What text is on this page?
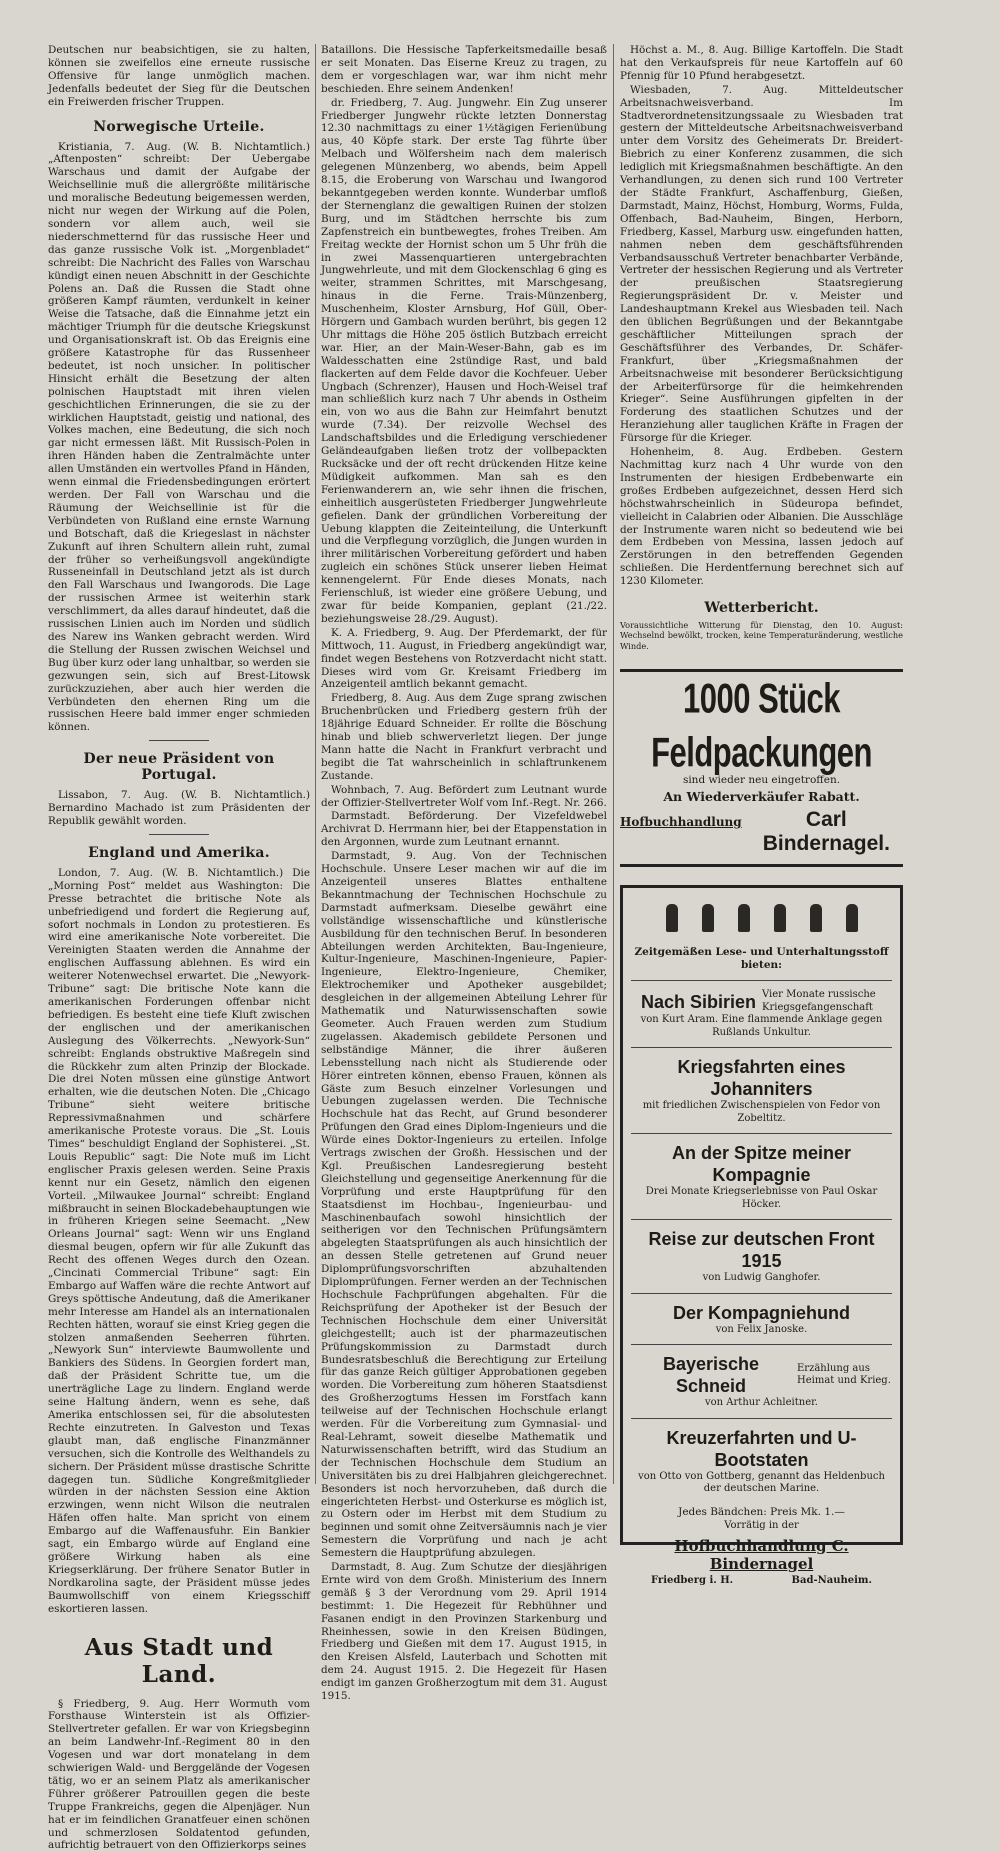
Deutschen nur beabsichtigen, sie zu halten, können sie zweifellos eine erneute russische Offensive für lange unmöglich machen. Jedenfalls bedeutet der Sieg für die Deutschen ein Freiwerden frischer Truppen.

Norwegische Urteile.

Kristiania, 7. Aug. (W. B. Nichtamtlich.) „Aftenposten“ schreibt: Der Uebergabe Warschaus und damit der Aufgabe der Weichsellinie muß die allergrößte militärische und moralische Bedeutung beigemessen werden, nicht nur wegen der Wirkung auf die Polen, sondern vor allem auch, weil sie niederschmetternd für das russische Heer und das ganze russische Volk ist. „Morgenbladet“ schreibt: Die Nachricht des Falles von Warschau kündigt einen neuen Abschnitt in der Geschichte Polens an. Daß die Russen die Stadt ohne größeren Kampf räumten, verdunkelt in keiner Weise die Tatsache, daß die Einnahme jetzt ein mächtiger Triumph für die deutsche Kriegskunst und Organisationskraft ist. Ob das Ereignis eine größere Katastrophe für das Russenheer bedeutet, ist noch unsicher. In politischer Hinsicht erhält die Besetzung der alten polnischen Hauptstadt mit ihren vielen geschichtlichen Erinnerungen, die sie zu der wirklichen Hauptstadt, geistig und national, des Volkes machen, eine Bedeutung, die sich noch gar nicht ermessen läßt. Mit Russisch-Polen in ihren Händen haben die Zentralmächte unter allen Umständen ein wertvolles Pfand in Händen, wenn einmal die Friedensbedingungen erörtert werden. Der Fall von Warschau und die Räumung der Weichsellinie ist für die Verbündeten von Rußland eine ernste Warnung und Botschaft, daß die Kriegeslast in nächster Zukunft auf ihren Schultern allein ruht, zumal der früher so verheißungsvoll angekündigte Russeneinfall in Deutschland jetzt als ist durch den Fall Warschaus und Iwangorods. Die Lage der russischen Armee ist weiterhin stark verschlimmert, da alles darauf hindeutet, daß die russischen Linien auch im Norden und südlich des Narew ins Wanken gebracht werden. Wird die Stellung der Russen zwischen Weichsel und Bug über kurz oder lang unhaltbar, so werden sie gezwungen sein, sich auf Brest-Litowsk zurückzuziehen, aber auch hier werden die Verbündeten den ehernen Ring um die russischen Heere bald immer enger schmieden können.

Der neue Präsident von Portugal.

Lissabon, 7. Aug. (W. B. Nichtamtlich.) Bernardino Machado ist zum Präsidenten der Republik gewählt worden.

England und Amerika.

London, 7. Aug. (W. B. Nichtamtlich.) Die „Morning Post“ meldet aus Washington: Die Presse betrachtet die britische Note als unbefriedigend und fordert die Regierung auf, sofort nochmals in London zu protestieren. Es wird eine amerikanische Note vorbereitet. Die Vereinigten Staaten werden die Annahme der englischen Auffassung ablehnen. Es wird ein weiterer Notenwechsel erwartet. Die „Newyork-Tribune“ sagt: Die britische Note kann die amerikanischen Forderungen offenbar nicht befriedigen. Es besteht eine tiefe Kluft zwischen der englischen und der amerikanischen Auslegung des Völkerrechts. „Newyork-Sun“ schreibt: Englands obstruktive Maßregeln sind die Rückkehr zum alten Prinzip der Blockade. Die drei Noten müssen eine günstige Antwort erhalten, wie die deutschen Noten. Die „Chicago Tribune“ sieht weitere britische Repressivmaßnahmen und schärfere amerikanische Proteste voraus. Die „St. Louis Times“ beschuldigt England der Sophisterei. „St. Louis Republic“ sagt: Die Note muß im Licht englischer Praxis gelesen werden. Seine Praxis kennt nur ein Gesetz, nämlich den eigenen Vorteil. „Milwaukee Journal“ schreibt: England mißbraucht in seinen Blockadebehauptungen wie in früheren Kriegen seine Seemacht. „New Orleans Journal“ sagt: Wenn wir uns England diesmal beugen, opfern wir für alle Zukunft das Recht des offenen Weges durch den Ozean. „Cincinati Commercial Tribune“ sagt: Ein Embargo auf Waffen wäre die rechte Antwort auf Greys spöttische Andeutung, daß die Amerikaner mehr Interesse am Handel als an internationalen Rechten hätten, worauf sie einst Krieg gegen die stolzen anmaßenden Seeherren führten. „Newyork Sun“ interviewte Baumwollente und Bankiers des Südens. In Georgien fordert man, daß der Präsident Schritte tue, um die unerträgliche Lage zu lindern. England werde seine Haltung ändern, wenn es sehe, daß Amerika entschlossen sei, für die absolutesten Rechte einzutreten. In Galveston und Texas glaubt man, daß englische Finanzmänner versuchen, sich die Kontrolle des Welthandels zu sichern. Der Präsident müsse drastische Schritte dagegen tun. Südliche Kongreßmitglieder würden in der nächsten Session eine Aktion erzwingen, wenn nicht Wilson die neutralen Häfen offen halte. Man spricht von einem Embargo auf die Waffenausfuhr. Ein Bankier sagt, ein Embargo würde auf England eine größere Wirkung haben als eine Kriegserklärung. Der frühere Senator Butler in Nordkarolina sagte, der Präsident müsse jedes Baumwollschiff von einem Kriegsschiff eskortieren lassen.

Aus Stadt und Land.

§ Friedberg, 9. Aug. Herr Wormuth vom Forsthause Winterstein ist als Offizier-Stellvertreter gefallen. Er war von Kriegsbeginn an beim Landwehr-Inf.-Regiment 80 in den Vogesen und war dort monatelang in dem schwierigen Wald- und Berggelände der Vogesen tätig, wo er an seinem Platz als amerikanischer Führer größerer Patrouillen gegen die beste Truppe Frankreichs, gegen die Alpenjäger. Nun hat er im feindlichen Granatfeuer einen schönen und schmerzlosen Soldatentod gefunden, aufrichtig betrauert von den Offizierkorps seines

Bataillons. Die Hessische Tapferkeitsmedaille besaß er seit Monaten. Das Eiserne Kreuz zu tragen, zu dem er vorgeschlagen war, war ihm nicht mehr beschieden. Ehre seinem Andenken!

dr. Friedberg, 7. Aug. Jungwehr. Ein Zug unserer Friedberger Jungwehr rückte letzten Donnerstag 12.30 nachmittags zu einer 1½tägigen Ferienübung aus, 40 Köpfe stark. Der erste Tag führte über Melbach und Wölfersheim nach dem malerisch gelegenen Münzenberg, wo abends, beim Appell 8.15, die Eroberung von Warschau und Iwangorod bekanntgegeben werden konnte. Wunderbar umfloß der Sternenglanz die gewaltigen Ruinen der stolzen Burg, und im Städtchen herrschte bis zum Zapfenstreich ein buntbewegtes, frohes Treiben. Am Freitag weckte der Hornist schon um 5 Uhr früh die in zwei Massenquartieren untergebrachten Jungwehrleute, und mit dem Glockenschlag 6 ging es weiter, strammen Schrittes, mit Marschgesang, hinaus in die Ferne. Trais-Münzenberg, Muschenheim, Kloster Arnsburg, Hof Güll, Ober-Hörgern und Gambach wurden berührt, bis gegen 12 Uhr mittags die Höhe 205 östlich Butzbach erreicht war. Hier, an der Main-Weser-Bahn, gab es im Waldesschatten eine 2stündige Rast, und bald flackerten auf dem Felde davor die Kochfeuer. Ueber Ungbach (Schrenzer), Hausen und Hoch-Weisel traf man schließlich kurz nach 7 Uhr abends in Ostheim ein, von wo aus die Bahn zur Heimfahrt benutzt wurde (7.34). Der reizvolle Wechsel des Landschaftsbildes und die Erledigung verschiedener Geländeaufgaben ließen trotz der vollbepackten Rucksäcke und der oft recht drückenden Hitze keine Müdigkeit aufkommen. Man sah es den Ferienwanderern an, wie sehr ihnen die frischen, einheitlich ausgerüsteten Friedberger Jungwehrleute gefielen. Dank der gründlichen Vorbereitung der Uebung klappten die Zeiteinteilung, die Unterkunft und die Verpflegung vorzüglich, die Jungen wurden in ihrer militärischen Vorbereitung gefördert und haben zugleich ein schönes Stück unserer lieben Heimat kennengelernt. Für Ende dieses Monats, nach Ferienschluß, ist wieder eine größere Uebung, und zwar für beide Kompanien, geplant (21./22. beziehungsweise 28./29. August).

K. A. Friedberg, 9. Aug. Der Pferdemarkt, der für Mittwoch, 11. August, in Friedberg angekündigt war, findet wegen Bestehens von Rotzverdacht nicht statt. Dieses wird vom Gr. Kreisamt Friedberg im Anzeigenteil amtlich bekannt gemacht.

Friedberg, 8. Aug. Aus dem Zuge sprang zwischen Bruchenbrücken und Friedberg gestern früh der 18jährige Eduard Schneider. Er rollte die Böschung hinab und blieb schwerverletzt liegen. Der junge Mann hatte die Nacht in Frankfurt verbracht und begibt die Tat wahrscheinlich in schlaftrunkenem Zustande.

Wohnbach, 7. Aug. Befördert zum Leutnant wurde der Offizier-Stellvertreter Wolf vom Inf.-Regt. Nr. 266.

Darmstadt. Beförderung. Der Vizefeldwebel Archivrat D. Herrmann hier, bei der Etappenstation in den Argonnen, wurde zum Leutnant ernannt.

Darmstadt, 9. Aug. Von der Technischen Hochschule. Unsere Leser machen wir auf die im Anzeigenteil unseres Blattes enthaltene Bekanntmachung der Technischen Hochschule zu Darmstadt aufmerksam. Dieselbe gewährt eine vollständige wissenschaftliche und künstlerische Ausbildung für den technischen Beruf. In besonderen Abteilungen werden Architekten, Bau-Ingenieure, Kultur-Ingenieure, Maschinen-Ingenieure, Papier-Ingenieure, Elektro-Ingenieure, Chemiker, Elektrochemiker und Apotheker ausgebildet; desgleichen in der allgemeinen Abteilung Lehrer für Mathematik und Naturwissenschaften sowie Geometer. Auch Frauen werden zum Studium zugelassen. Akademisch gebildete Personen und selbständige Männer, die ihrer äußeren Lebensstellung nach nicht als Studierende oder Hörer eintreten können, ebenso Frauen, können als Gäste zum Besuch einzelner Vorlesungen und Uebungen zugelassen werden. Die Technische Hochschule hat das Recht, auf Grund besonderer Prüfungen den Grad eines Diplom-Ingenieurs und die Würde eines Doktor-Ingenieurs zu erteilen. Infolge Vertrags zwischen der Großh. Hessischen und der Kgl. Preußischen Landesregierung besteht Gleichstellung und gegenseitige Anerkennung für die Vorprüfung und erste Hauptprüfung für den Staatsdienst im Hochbau-, Ingenieurbau- und Maschinenbaufach sowohl hinsichtlich der seitherigen vor den Technischen Prüfungsämtern abgelegten Staatsprüfungen als auch hinsichtlich der an dessen Stelle getretenen auf Grund neuer Diplomprüfungsvorschriften abzuhaltenden Diplomprüfungen. Ferner werden an der Technischen Hochschule Fachprüfungen abgehalten. Für die Reichsprüfung der Apotheker ist der Besuch der Technischen Hochschule dem einer Universität gleichgestellt; auch ist der pharmazeutischen Prüfungskommission zu Darmstadt durch Bundesratsbeschluß die Berechtigung zur Erteilung für das ganze Reich gültiger Approbationen gegeben worden. Die Vorbereitung zum höheren Staatsdienst des Großherzogtums Hessen im Forstfach kann teilweise auf der Technischen Hochschule erlangt werden. Für die Vorbereitung zum Gymnasial- und Real-Lehramt, soweit dieselbe Mathematik und Naturwissenschaften betrifft, wird das Studium an der Technischen Hochschule dem Studium an Universitäten bis zu drei Halbjahren gleichgerechnet. Besonders ist noch hervorzuheben, daß durch die eingerichteten Herbst- und Osterkurse es möglich ist, zu Ostern oder im Herbst mit dem Studium zu beginnen und somit ohne Zeitversäumnis nach je vier Semestern die Vorprüfung und nach je acht Semestern die Hauptprüfung abzulegen.

Darmstadt, 8. Aug. Zum Schutze der diesjährigen Ernte wird von dem Großh. Ministerium des Innern gemäß § 3 der Verordnung vom 29. April 1914 bestimmt: 1. Die Hegezeit für Rebhühner und Fasanen endigt in den Provinzen Starkenburg und Rheinhessen, sowie in den Kreisen Büdingen, Friedberg und Gießen mit dem 17. August 1915, in den Kreisen Alsfeld, Lauterbach und Schotten mit dem 24. August 1915. 2. Die Hegezeit für Hasen endigt im ganzen Großherzogtum mit dem 31. August 1915.

Höchst a. M., 8. Aug. Billige Kartoffeln. Die Stadt hat den Verkaufspreis für neue Kartoffeln auf 60 Pfennig für 10 Pfund herabgesetzt.

Wiesbaden, 7. Aug. Mitteldeutscher Arbeitsnachweisverband. Im Stadtverordnetensitzungssaale zu Wiesbaden trat gestern der Mitteldeutsche Arbeitsnachweisverband unter dem Vorsitz des Geheimerats Dr. Breidert-Biebrich zu einer Konferenz zusammen, die sich lediglich mit Kriegsmaßnahmen beschäftigte. An den Verhandlungen, zu denen sich rund 100 Vertreter der Städte Frankfurt, Aschaffenburg, Gießen, Darmstadt, Mainz, Höchst, Homburg, Worms, Fulda, Offenbach, Bad-Nauheim, Bingen, Herborn, Friedberg, Kassel, Marburg usw. eingefunden hatten, nahmen neben dem geschäftsführenden Verbandsausschuß Vertreter benachbarter Verbände, Vertreter der hessischen Regierung und als Vertreter der preußischen Staatsregierung Regierungspräsident Dr. v. Meister und Landeshauptmann Krekel aus Wiesbaden teil. Nach den üblichen Begrüßungen und der Bekanntgabe geschäftlicher Mitteilungen sprach der Geschäftsführer des Verbandes, Dr. Schäfer-Frankfurt, über „Kriegsmaßnahmen der Arbeitsnachweise mit besonderer Berücksichtigung der Arbeiterfürsorge für die heimkehrenden Krieger“. Seine Ausführungen gipfelten in der Forderung des staatlichen Schutzes und der Heranziehung aller tauglichen Kräfte in Fragen der Fürsorge für die Krieger.

Hohenheim, 8. Aug. Erdbeben. Gestern Nachmittag kurz nach 4 Uhr wurde von den Instrumenten der hiesigen Erdbebenwarte ein großes Erdbeben aufgezeichnet, dessen Herd sich höchstwahrscheinlich in Südeuropa befindet, vielleicht in Calabrien oder Albanien. Die Ausschläge der Instrumente waren nicht so bedeutend wie bei dem Erdbeben von Messina, lassen jedoch auf Zerstörungen in den betreffenden Gegenden schließen. Die Herdentfernung berechnet sich auf 1230 Kilometer.

Wetterbericht.
Voraussichtliche Witterung für Dienstag, den 10. August: Wechselnd bewölkt, trocken, keine Temperaturänderung, westliche Winde.
1000 Stück Feldpackungen
sind wieder neu eingetroffen.
An Wiederverkäufer Rabatt.
Hofbuchhandlung	Carl Bindernagel.
Zeitgemäßen Lese- und Unterhaltungsstoff bieten:
Nach Sibirien Vier Monate russische Kriegsgefangenschaft
von Kurt Aram. Eine flammende Anklage gegen Rußlands Unkultur.
Kriegsfahrten eines Johanniters
mit friedlichen Zwischenspielen von Fedor von Zobeltitz.
An der Spitze meiner Kompagnie
Drei Monate Kriegserlebnisse von Paul Oskar Höcker.
Reise zur deutschen Front 1915
von Ludwig Ganghofer.
Der Kompagniehund
von Felix Janoske.
Bayerische Schneid
Erzählung aus Heimat und Krieg.
von Arthur Achleitner.
Kreuzerfahrten und U-Bootstaten
von Otto von Gottberg, genannt das Heldenbuch der deutschen Marine.
Jedes Bändchen: Preis Mk. 1.—
Vorrätig in der
Hofbuchhandlung C. Bindernagel
Friedberg i. H.	Bad-Nauheim.
